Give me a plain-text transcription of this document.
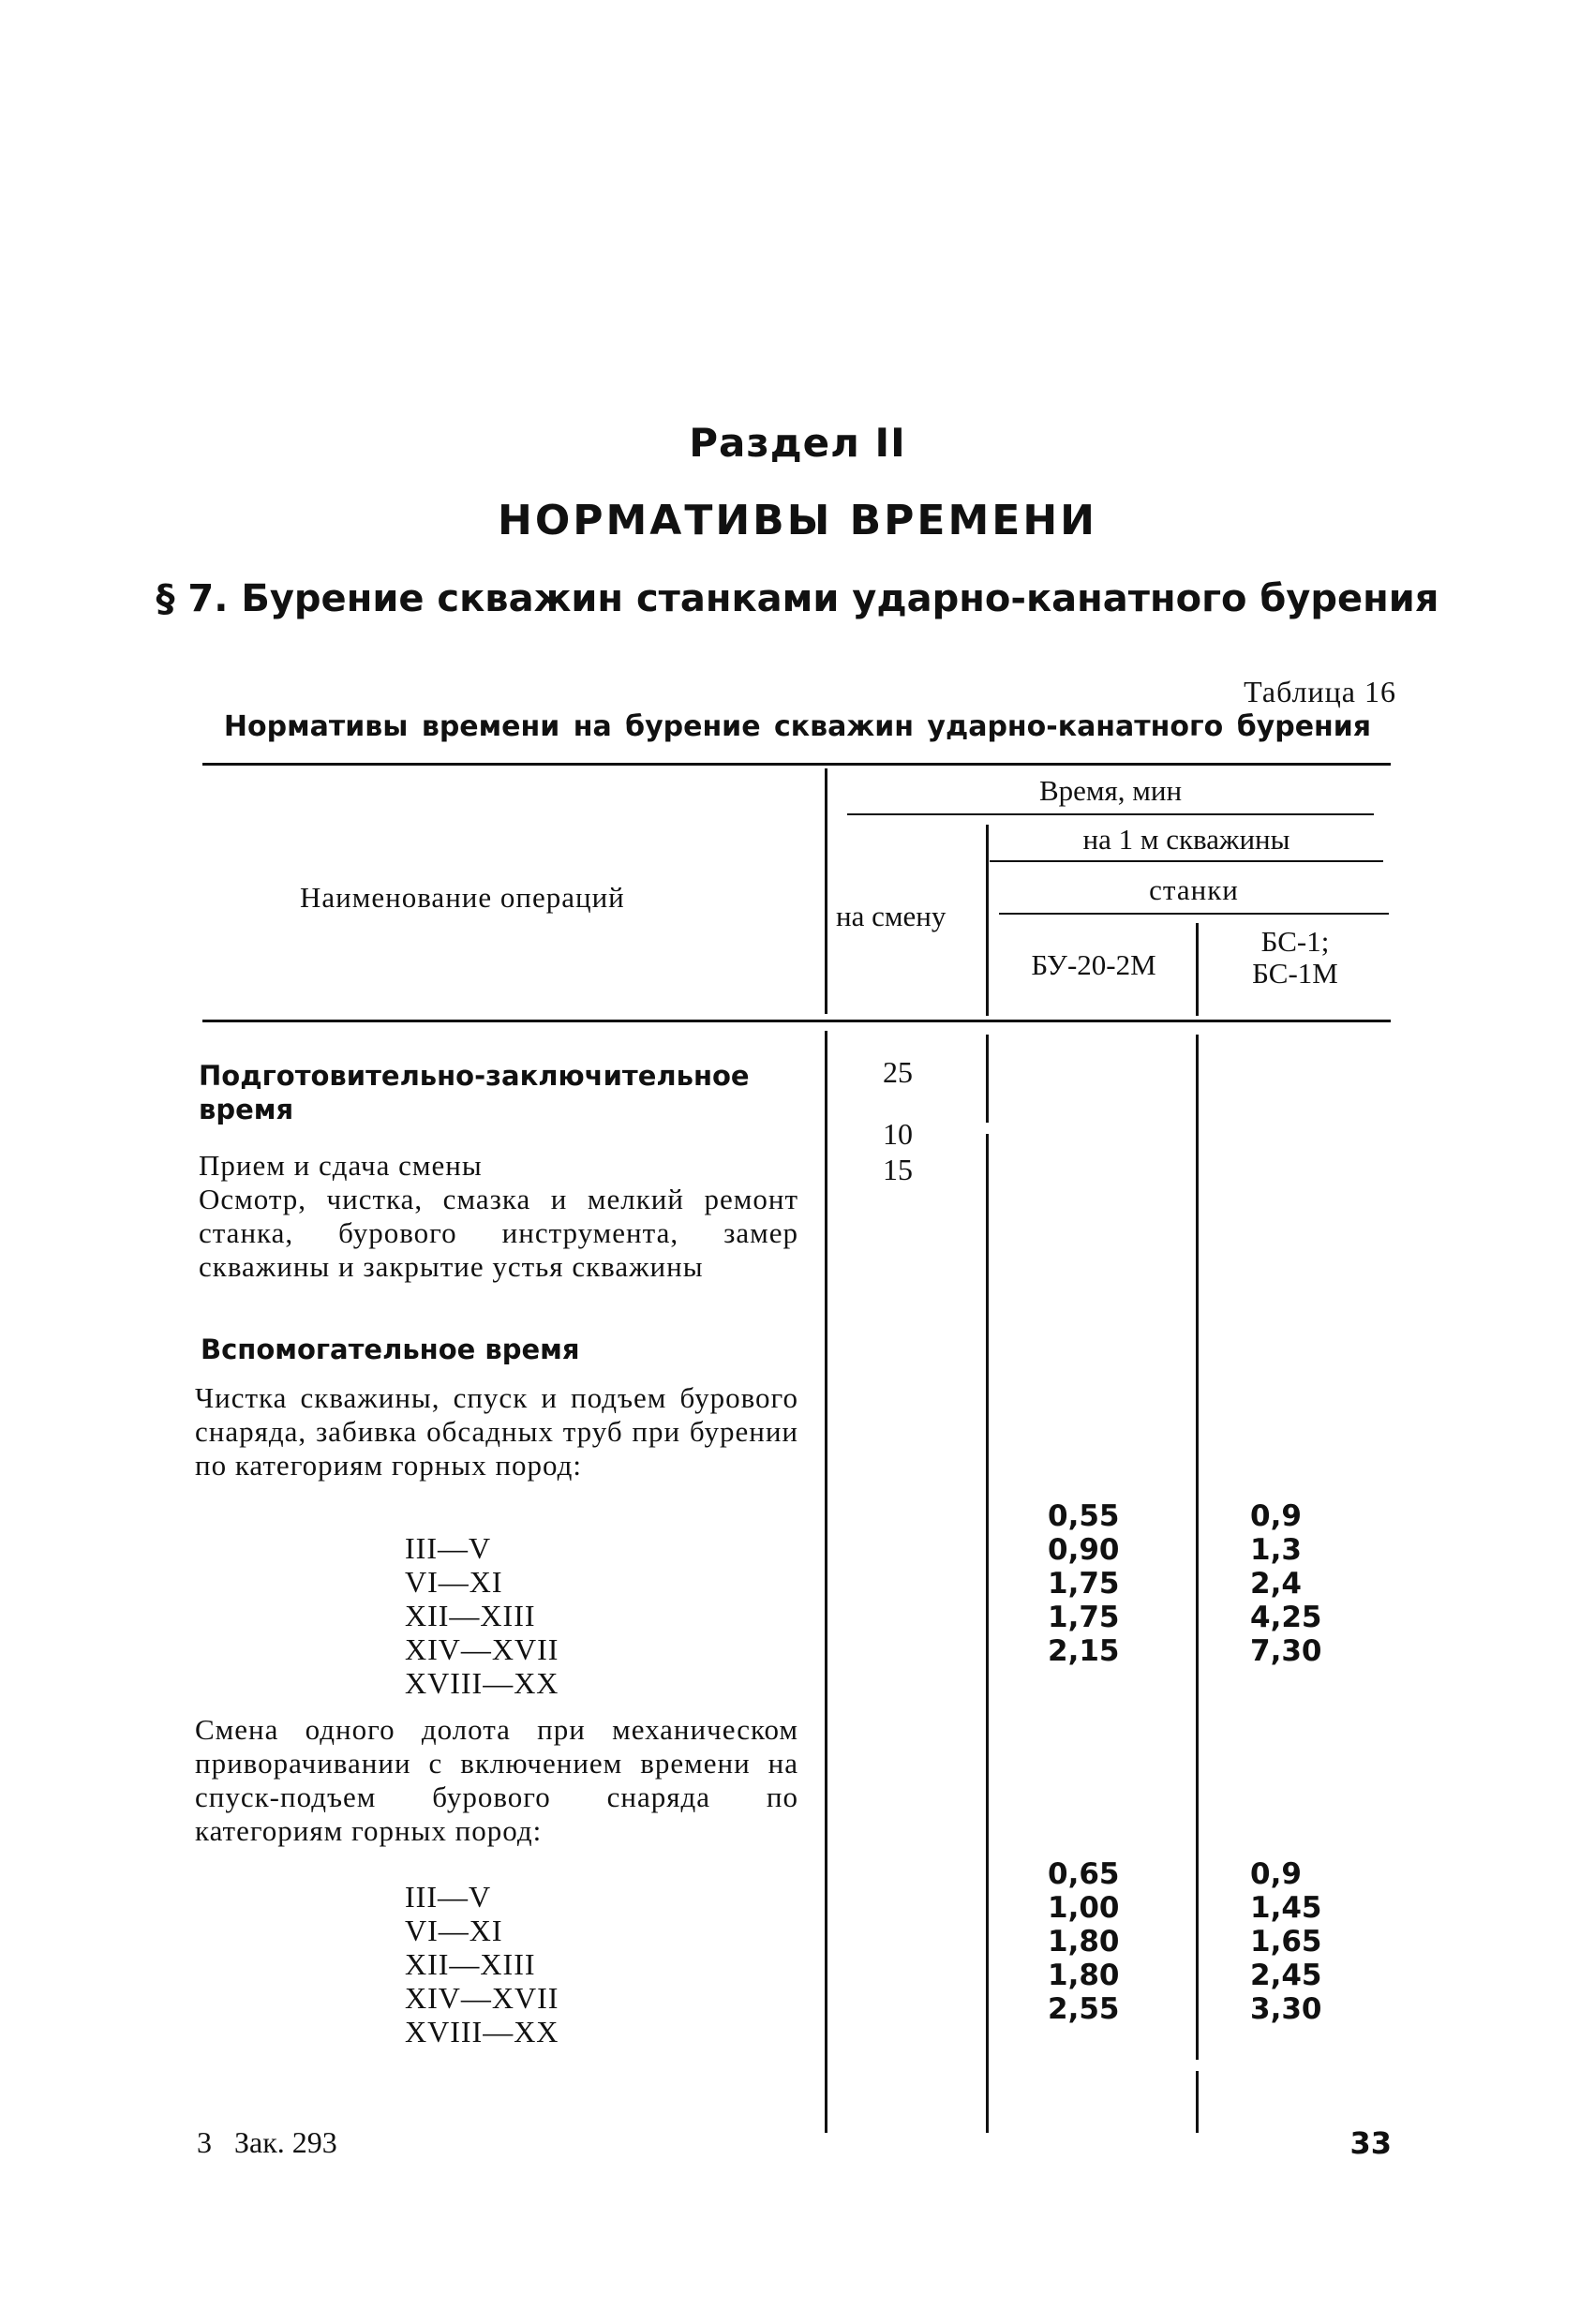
Раздел II
НОРМАТИВЫ ВРЕМЕНИ
§ 7. Бурение скважин станками ударно-канатного бурения
Таблица 16
Нормативы времени на бурение скважин ударно-канатного бурения
Наименование операций
Время, мин
на смену
на 1 м скважины
станки
БУ-20-2М
БС-1;
БС-1М
Подготовительно-заключительное время
25
Прием и сдача смены
10
Осмотр, чистка, смазка и мелкий ремонт станка, бурового инструмента, замер скважины и закрытие устья скважины
15
Вспомогательное время
Чистка скважины, спуск и подъем бурового снаряда, забивка обсадных труб при бурении по категориям горных пород:
III—V
VI—XI
XII—XIII
XIV—XVII
XVIII—XX
0,55
0,90
1,75
1,75
2,15
0,9
1,3
2,4
4,25
7,30
Смена одного долота при механическом приворачивании с включением времени на спуск-подъем бурового снаряда по категориям горных пород:
III—V
VI—XI
XII—XIII
XIV—XVII
XVIII—XX
0,65
1,00
1,80
1,80
2,55
0,9
1,45
1,65
2,45
3,30
3   Зак. 293	33
